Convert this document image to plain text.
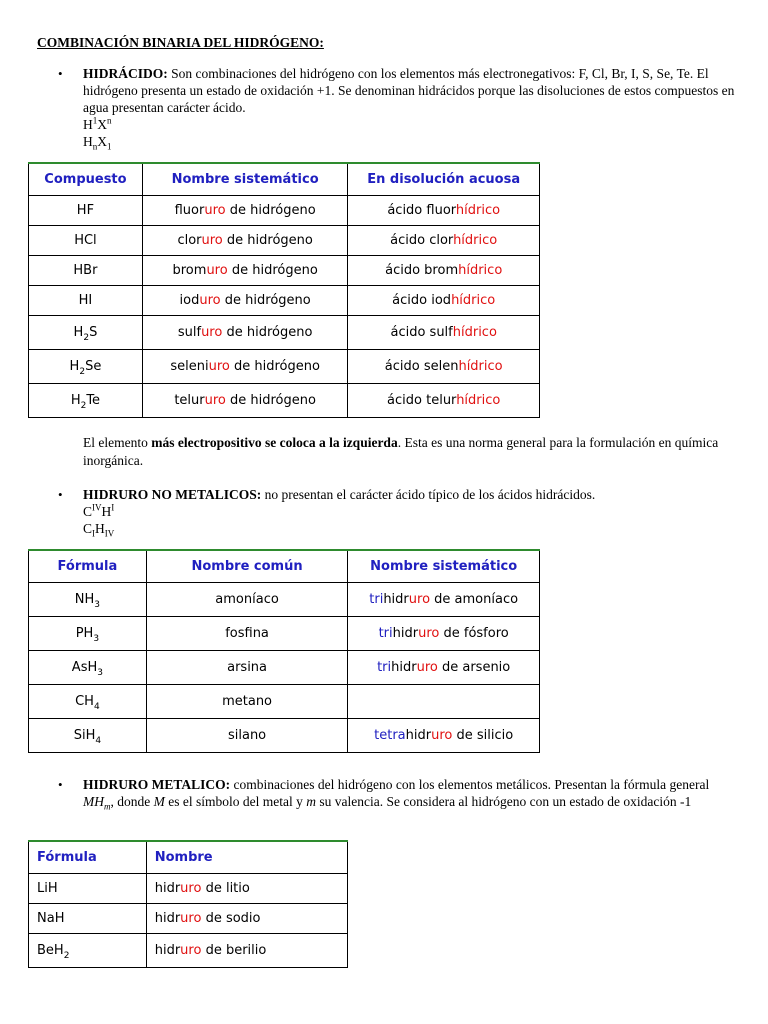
COMBINACIÓN BINARIA DEL HIDRÓGENO:
• HIDRÁCIDO: Son combinaciones del hidrógeno con los elementos más electronegativos: F, Cl, Br, I, S, Se, Te. El hidrógeno presenta un estado de oxidación +1. Se denominan hidrácidos porque las disoluciones de estos compuestos en agua presentan carácter ácido.
$H^1X^n$
$H_nX_1$
Compuesto	Nombre sistemático	En disolución acuosa
HF	fluoruro de hidrógeno	ácido fluorhídrico
HCl	cloruro de hidrógeno	ácido clorhídrico
HBr	bromuro de hidrógeno	ácido bromhídrico
HI	ioduro de hidrógeno	ácido iodhídrico
$H_2S$	sulfuro de hidrógeno	ácido sulfhídrico
$H_2Se$	seleniuro de hidrógeno	ácido selenhídrico
$H_2Te$	telururo de hidrógeno	ácido telurhídrico
El elemento más electropositivo se coloca a la izquierda. Esta es una norma general para la formulación en química inorgánica.
• HIDRURO NO METALICOS: no presentan el carácter ácido típico de los ácidos hidrácidos.
$C^{IV}H^I$
$C_IH_{IV}$
Fórmula	Nombre común	Nombre sistemático
$NH_3$	amoníaco	trihidruro de amoníaco
$PH_3$	fosfina	trihidruro de fósforo
AsH$_3$	arsina	trihidruro de arsenio
$CH_4$	metano	
SiH$_4$	silano	tetrahidruro de silicio
• HIDRURO METALICO: combinaciones del hidrógeno con los elementos metálicos. Presentan la fórmula general $MH_m$, donde M es el símbolo del metal y m su valencia. Se considera al hidrógeno con un estado de oxidación -1
Fórmula	Nombre
LiH	hidruro de litio
NaH	hidruro de sodio
BeH$_2$	hidruro de berilio
